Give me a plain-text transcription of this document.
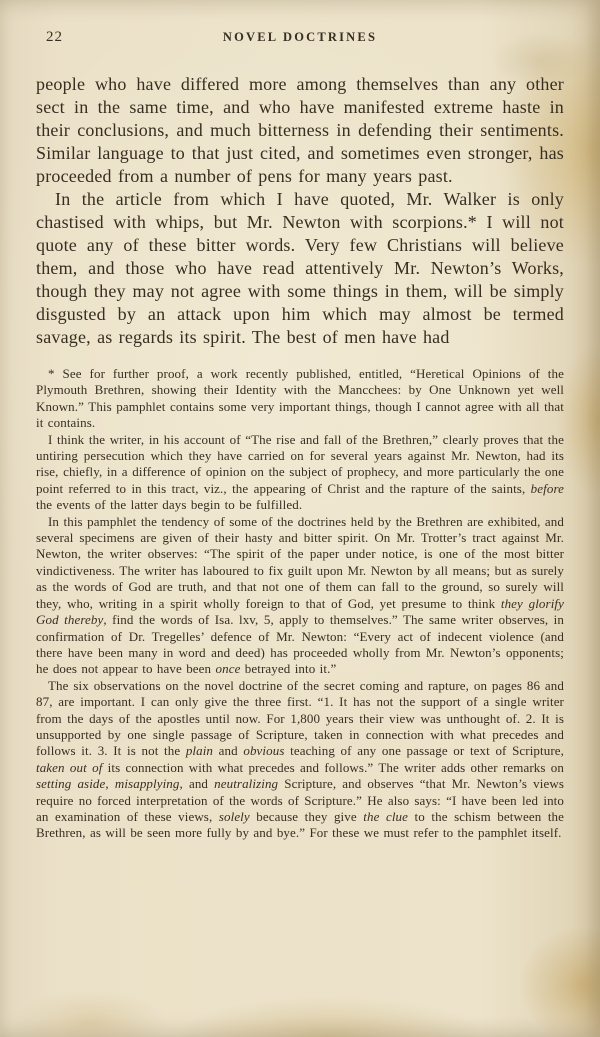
22	NOVEL DOCTRINES

people who have differed more among themselves than any other sect in the same time, and who have manifested extreme haste in their conclusions, and much bitterness in defending their sentiments. Similar language to that just cited, and sometimes even stronger, has proceeded from a number of pens for many years past.

In the article from which I have quoted, Mr. Walker is only chastised with whips, but Mr. Newton with scorpions.* I will not quote any of these bitter words. Very few Christians will believe them, and those who have read attentively Mr. Newton’s Works, though they may not agree with some things in them, will be simply disgusted by an attack upon him which may almost be termed savage, as regards its spirit. The best of men have had

* See for further proof, a work recently published, entitled, “Heretical Opinions of the Plymouth Brethren, showing their Identity with the Mancchees: by One Unknown yet well Known.” This pamphlet contains some very important things, though I cannot agree with all that it contains.

I think the writer, in his account of “The rise and fall of the Brethren,” clearly proves that the untiring persecution which they have carried on for several years against Mr. Newton, had its rise, chiefly, in a difference of opinion on the subject of prophecy, and more particularly the one point referred to in this tract, viz., the appearing of Christ and the rapture of the saints, before the events of the latter days begin to be fulfilled.

In this pamphlet the tendency of some of the doctrines held by the Brethren are exhibited, and several specimens are given of their hasty and bitter spirit. On Mr. Trotter’s tract against Mr. Newton, the writer observes: “The spirit of the paper under notice, is one of the most bitter vindictiveness. The writer has laboured to fix guilt upon Mr. Newton by all means; but as surely as the words of God are truth, and that not one of them can fall to the ground, so surely will they, who, writing in a spirit wholly foreign to that of God, yet presume to think they glorify God thereby, find the words of Isa. lxv, 5, apply to themselves.” The same writer observes, in confirmation of Dr. Tregelles’ defence of Mr. Newton: “Every act of indecent violence (and there have been many in word and deed) has proceeded wholly from Mr. Newton’s opponents; he does not appear to have been once betrayed into it.”

The six observations on the novel doctrine of the secret coming and rapture, on pages 86 and 87, are important. I can only give the three first. “1. It has not the support of a single writer from the days of the apostles until now. For 1,800 years their view was unthought of. 2. It is unsupported by one single passage of Scripture, taken in connection with what precedes and follows it. 3. It is not the plain and obvious teaching of any one passage or text of Scripture, taken out of its connection with what precedes and follows.” The writer adds other remarks on setting aside, misapplying, and neutralizing Scripture, and observes “that Mr. Newton’s views require no forced interpretation of the words of Scripture.” He also says: “I have been led into an examination of these views, solely because they give the clue to the schism between the Brethren, as will be seen more fully by and bye.” For these we must refer to the pamphlet itself.
